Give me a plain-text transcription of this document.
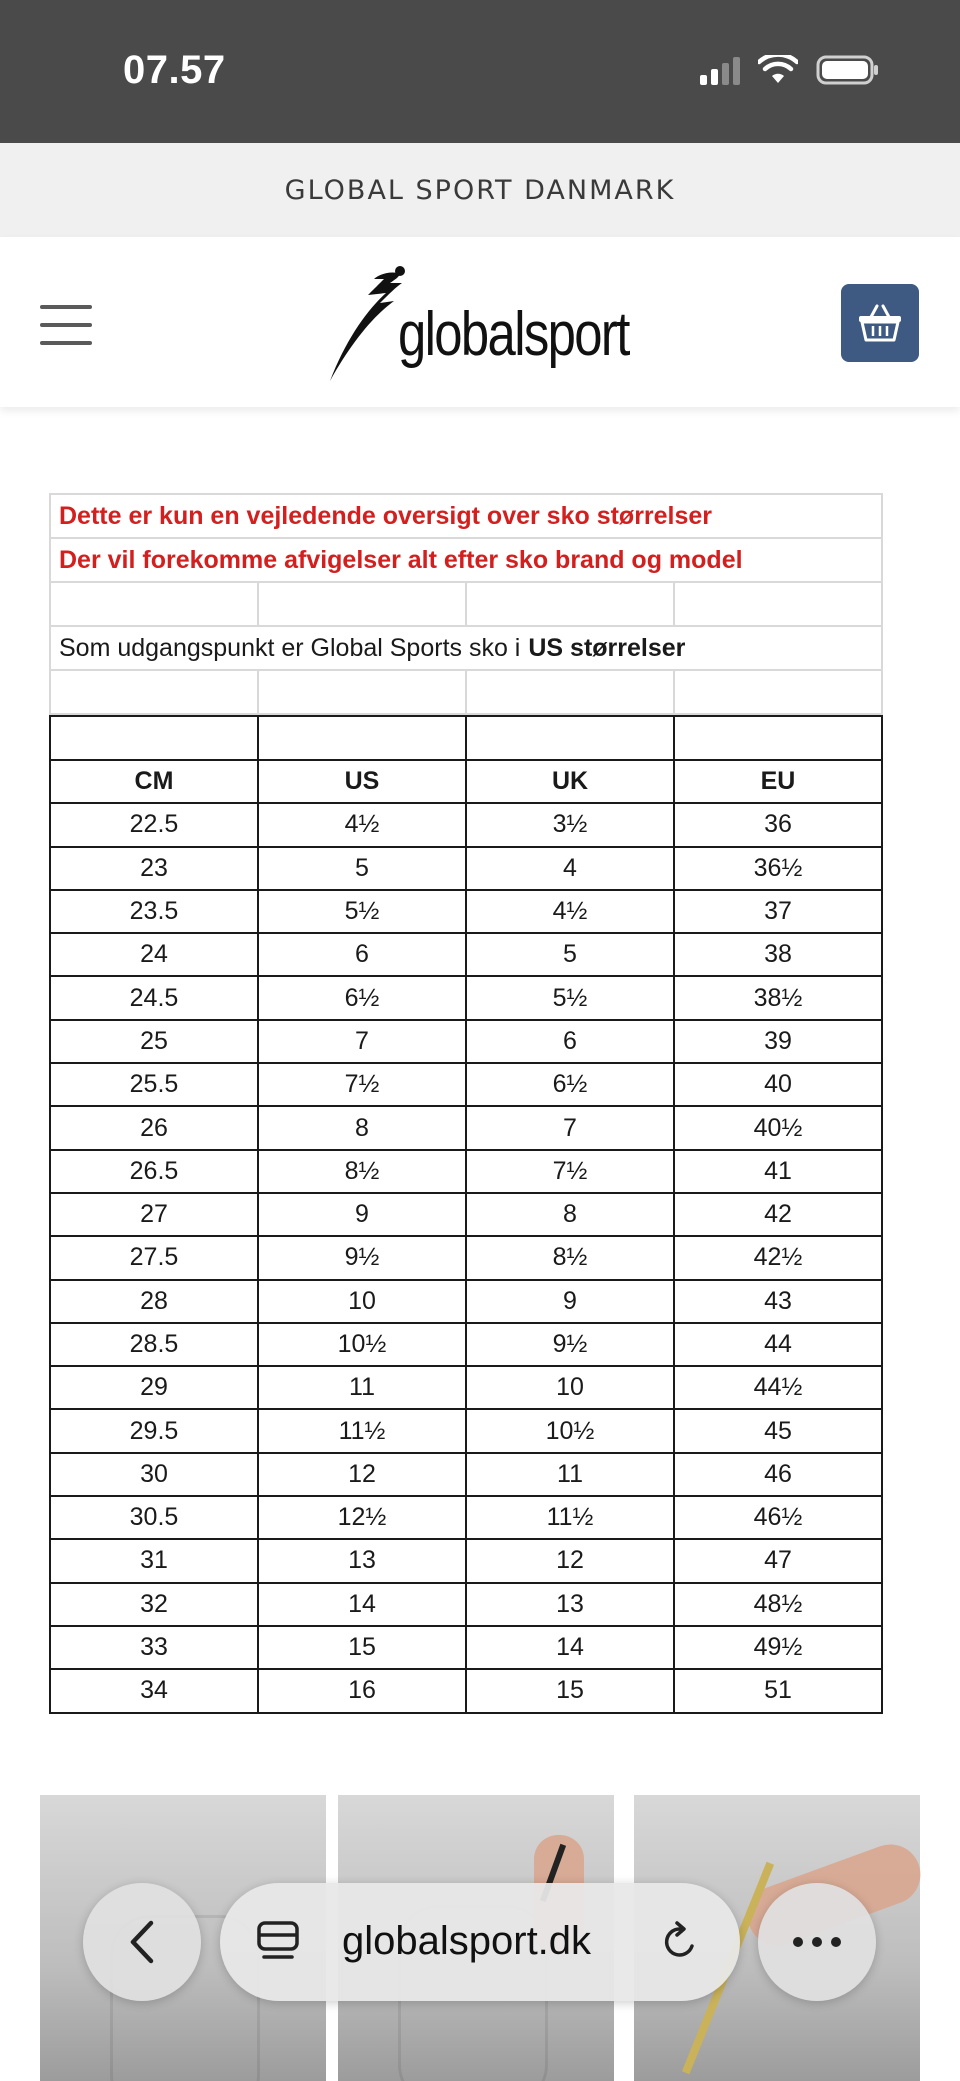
07.57
GLOBAL SPORT DANMARK
globalsport
Dette er kun en vejledende oversigt over sko størrelser
Der vil forekomme afvigelser alt efter sko brand og model
Som udgangspunkt er Global Sports sko i US størrelser

CM	US	UK	EU
22.5	4½	3½	36
23	5	4	36½
23.5	5½	4½	37
24	6	5	38
24.5	6½	5½	38½
25	7	6	39
25.5	7½	6½	40
26	8	7	40½
26.5	8½	7½	41
27	9	8	42
27.5	9½	8½	42½
28	10	9	43
28.5	10½	9½	44
29	11	10	44½
29.5	11½	10½	45
30	12	11	46
30.5	12½	11½	46½
31	13	12	47
32	14	13	48½
33	15	14	49½
34	16	15	51
globalsport.dk
